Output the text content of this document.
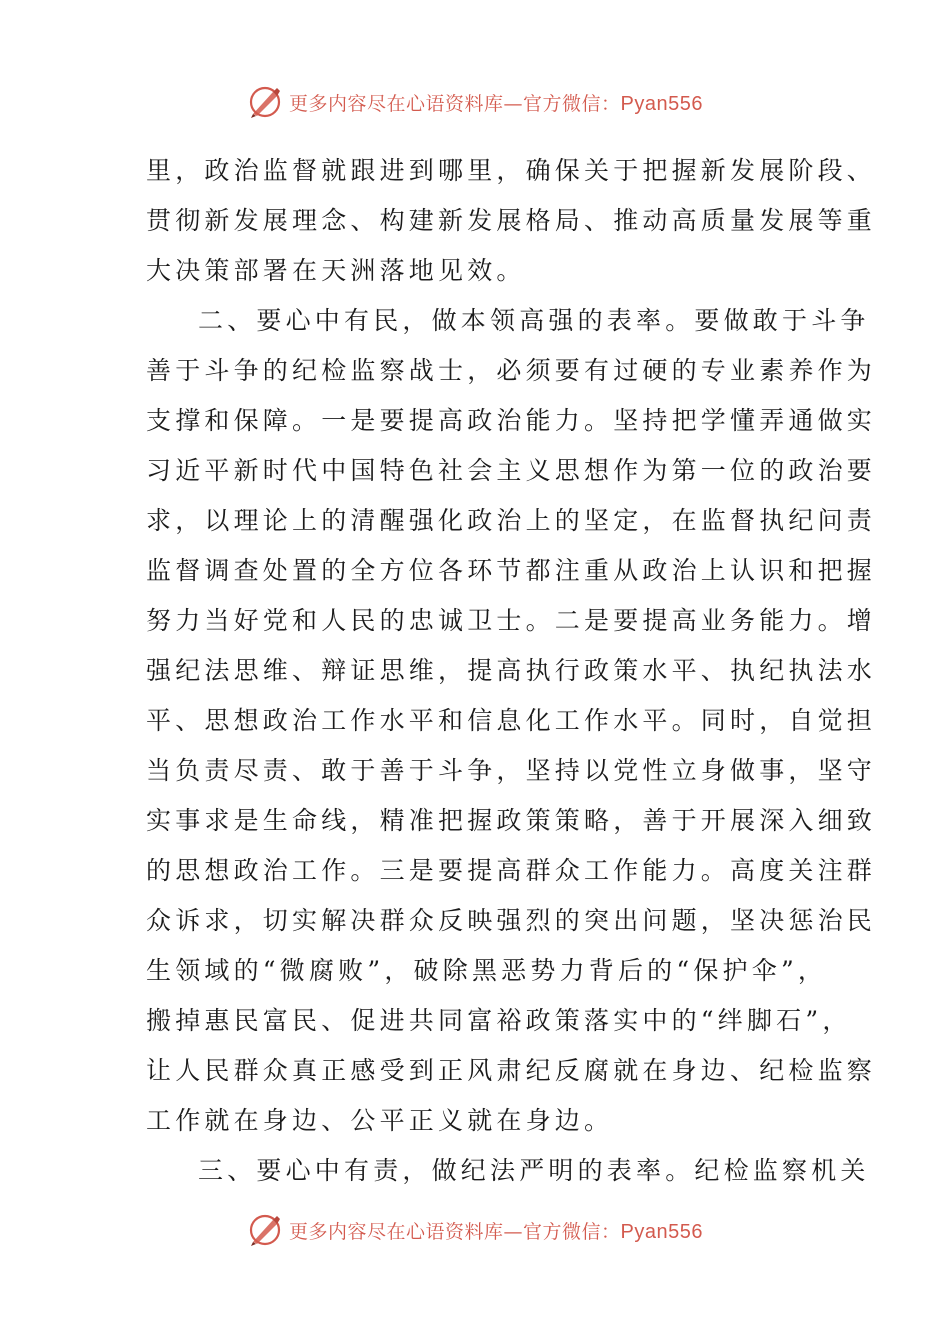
更多内容尽在心语资料库—官方微信：Pyan556

里，政治监督就跟进到哪里，确保关于把握新发展阶段、
贯彻新发展理念、构建新发展格局、推动高质量发展等重
大决策部署在天洲落地见效。

二、要心中有民，做本领高强的表率。要做敢于斗争
善于斗争的纪检监察战士，必须要有过硬的专业素养作为
支撑和保障。一是要提高政治能力。坚持把学懂弄通做实
习近平新时代中国特色社会主义思想作为第一位的政治要
求，以理论上的清醒强化政治上的坚定，在监督执纪问责
监督调查处置的全方位各环节都注重从政治上认识和把握
努力当好党和人民的忠诚卫士。二是要提高业务能力。增
强纪法思维、辩证思维，提高执行政策水平、执纪执法水
平、思想政治工作水平和信息化工作水平。同时，自觉担
当负责尽责、敢于善于斗争，坚持以党性立身做事，坚守
实事求是生命线，精准把握政策策略，善于开展深入细致
的思想政治工作。三是要提高群众工作能力。高度关注群
众诉求，切实解决群众反映强烈的突出问题，坚决惩治民
生领域的“微腐败”，破除黑恶势力背后的“保护伞”，
搬掉惠民富民、促进共同富裕政策落实中的“绊脚石”，
让人民群众真正感受到正风肃纪反腐就在身边、纪检监察
工作就在身边、公平正义就在身边。

三、要心中有责，做纪法严明的表率。纪检监察机关

更多内容尽在心语资料库—官方微信：Pyan556
